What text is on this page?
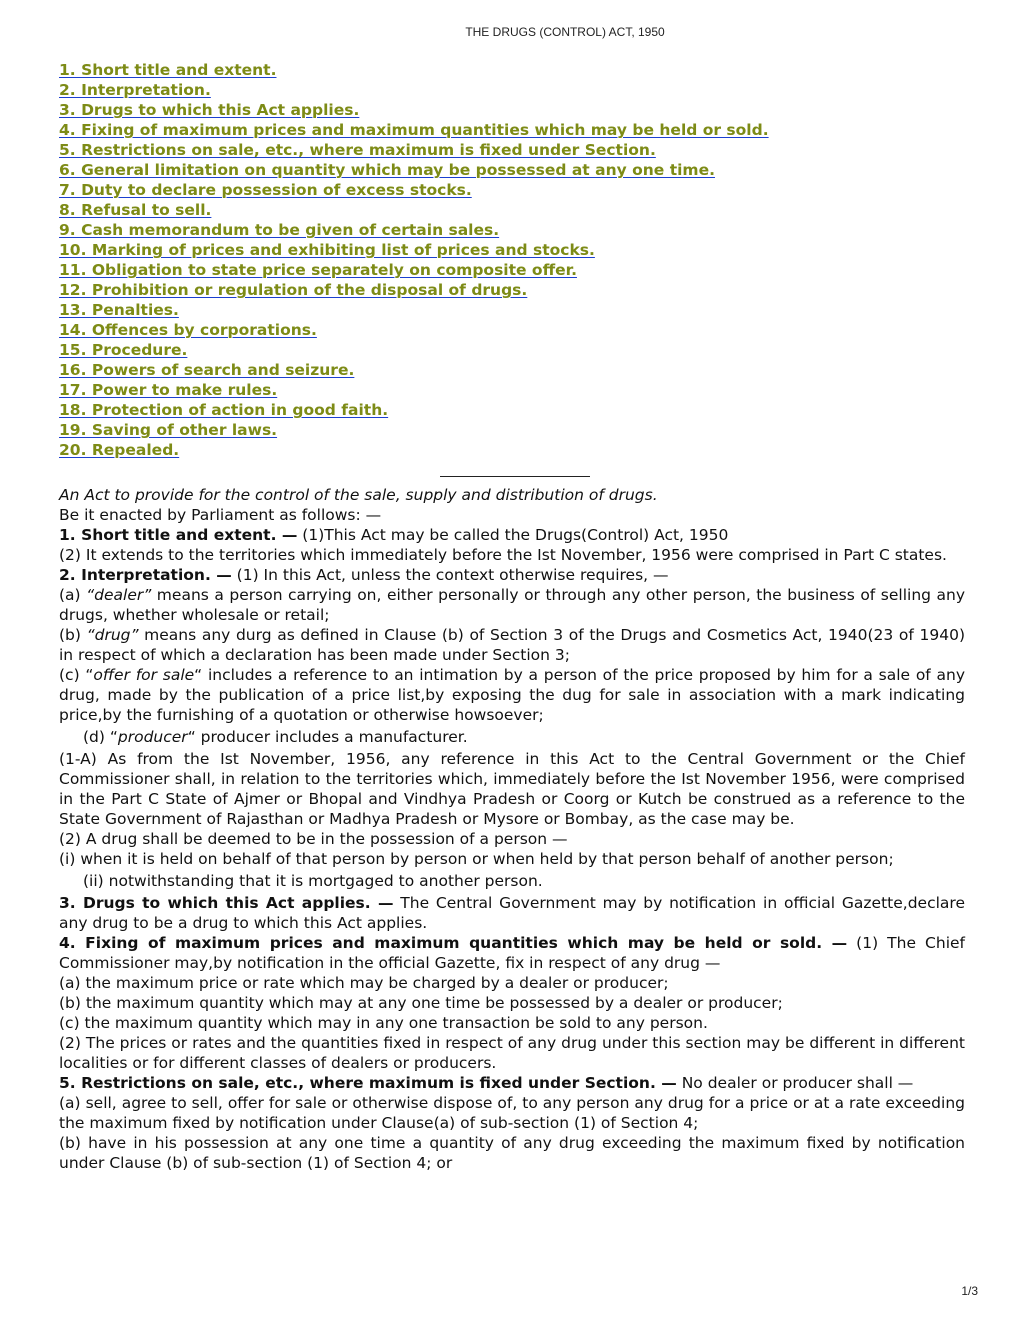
THE DRUGS (CONTROL) ACT, 1950
1. Short title and extent.
2. Interpretation.
3. Drugs to which this Act applies.
4. Fixing of maximum prices and maximum quantities which may be held or sold.
5. Restrictions on sale, etc., where maximum is fixed under Section.
6. General limitation on quantity which may be possessed at any one time.
7. Duty to declare possession of excess stocks.
8. Refusal to sell.
9. Cash memorandum to be given of certain sales.
10. Marking of prices and exhibiting list of prices and stocks.
11. Obligation to state price separately on composite offer.
12. Prohibition or regulation of the disposal of drugs.
13. Penalties.
14. Offences by corporations.
15. Procedure.
16. Powers of search and seizure.
17. Power to make rules.
18. Protection of action in good faith.
19. Saving of other laws.
20. Repealed.

An Act to provide for the control of the sale, supply and distribution of drugs.

Be it enacted by Parliament as follows: —

1. Short title and extent. — (1)This Act may be called the Drugs(Control) Act, 1950

(2) It extends to the territories which immediately before the Ist November, 1956 were comprised in Part C states.

2. Interpretation. — (1) In this Act, unless the context otherwise requires, —

(a) “dealer” means a person carrying on, either personally or through any other person, the business of selling any drugs, whether wholesale or retail;

(b) “drug” means any durg as defined in Clause (b) of Section 3 of the Drugs and Cosmetics Act, 1940(23 of 1940) in respect of which a declaration has been made under Section 3;

(c) “offer for sale“ includes a reference to an intimation by a person of the price proposed by him for a sale of any drug, made by the publication of a price list,by exposing the dug for sale in association with a mark indicating price,by the furnishing of a quotation or otherwise howsoever;

(d) “producer“ producer includes a manufacturer.

(1-A) As from the Ist November, 1956, any reference in this Act to the Central Government or the Chief Commissioner shall, in relation to the territories which, immediately before the Ist November 1956, were comprised in the Part C State of Ajmer or Bhopal and Vindhya Pradesh or Coorg or Kutch be construed as a reference to the State Government of Rajasthan or Madhya Pradesh or Mysore or Bombay, as the case may be.

(2) A drug shall be deemed to be in the possession of a person —

(i) when it is held on behalf of that person by person or when held by that person behalf of another person;

(ii) notwithstanding that it is mortgaged to another person.

3. Drugs to which this Act applies. — The Central Government may by notification in official Gazette,declare any drug to be a drug to which this Act applies.

4. Fixing of maximum prices and maximum quantities which may be held or sold. — (1) The Chief Commissioner may,by notification in the official Gazette, fix in respect of any drug —

(a) the maximum price or rate which may be charged by a dealer or producer;

(b) the maximum quantity which may at any one time be possessed by a dealer or producer;

(c) the maximum quantity which may in any one transaction be sold to any person.

(2) The prices or rates and the quantities fixed in respect of any drug under this section may be different in different localities or for different classes of dealers or producers.

5. Restrictions on sale, etc., where maximum is fixed under Section. — No dealer or producer shall —

(a) sell, agree to sell, offer for sale or otherwise dispose of, to any person any drug for a price or at a rate exceeding the maximum fixed by notification under Clause(a) of sub-section (1) of Section 4;

(b) have in his possession at any one time a quantity of any drug exceeding the maximum fixed by notification under Clause (b) of sub-section (1) of Section 4; or

1/3
